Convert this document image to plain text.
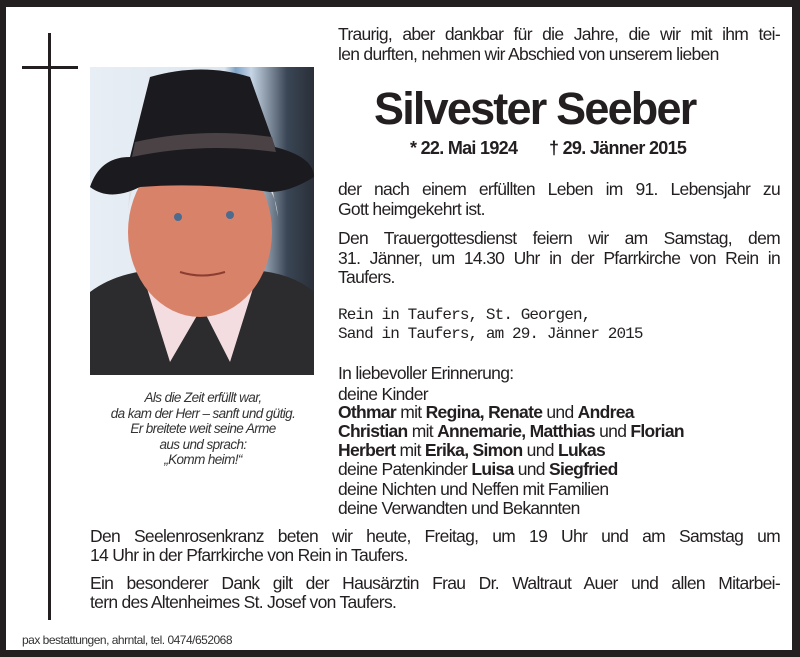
Als die Zeit erfüllt war,
da kam der Herr – sanft und gütig.
Er breitete weit seine Arme
aus und sprach:
„Komm heim!“
Traurig, aber dankbar für die Jahre, die wir mit ihm tei-
len durften, nehmen wir Abschied von unserem lieben
Silvester Seeber
* 22. Mai 1924 † 29. Jänner 2015
der nach einem erfüllten Leben im 91. Lebensjahr zu
Gott heimgekehrt ist.
Den Trauergottesdienst feiern wir am Samstag, dem
31. Jänner, um 14.30 Uhr in der Pfarrkirche von Rein in
Taufers.
Rein in Taufers, St. Georgen,
Sand in Taufers, am 29. Jänner 2015
In liebevoller Erinnerung:
deine Kinder
Othmar mit Regina, Renate und Andrea
Christian mit Annemarie, Matthias und Florian
Herbert mit Erika, Simon und Lukas
deine Patenkinder Luisa und Siegfried
deine Nichten und Neffen mit Familien
deine Verwandten und Bekannten
Den Seelenrosenkranz beten wir heute, Freitag, um 19 Uhr und am Samstag um
14 Uhr in der Pfarrkirche von Rein in Taufers.
Ein besonderer Dank gilt der Hausärztin Frau Dr. Waltraut Auer und allen Mitarbei-
tern des Altenheimes St. Josef von Taufers.
pax bestattungen, ahrntal, tel. 0474/652068
